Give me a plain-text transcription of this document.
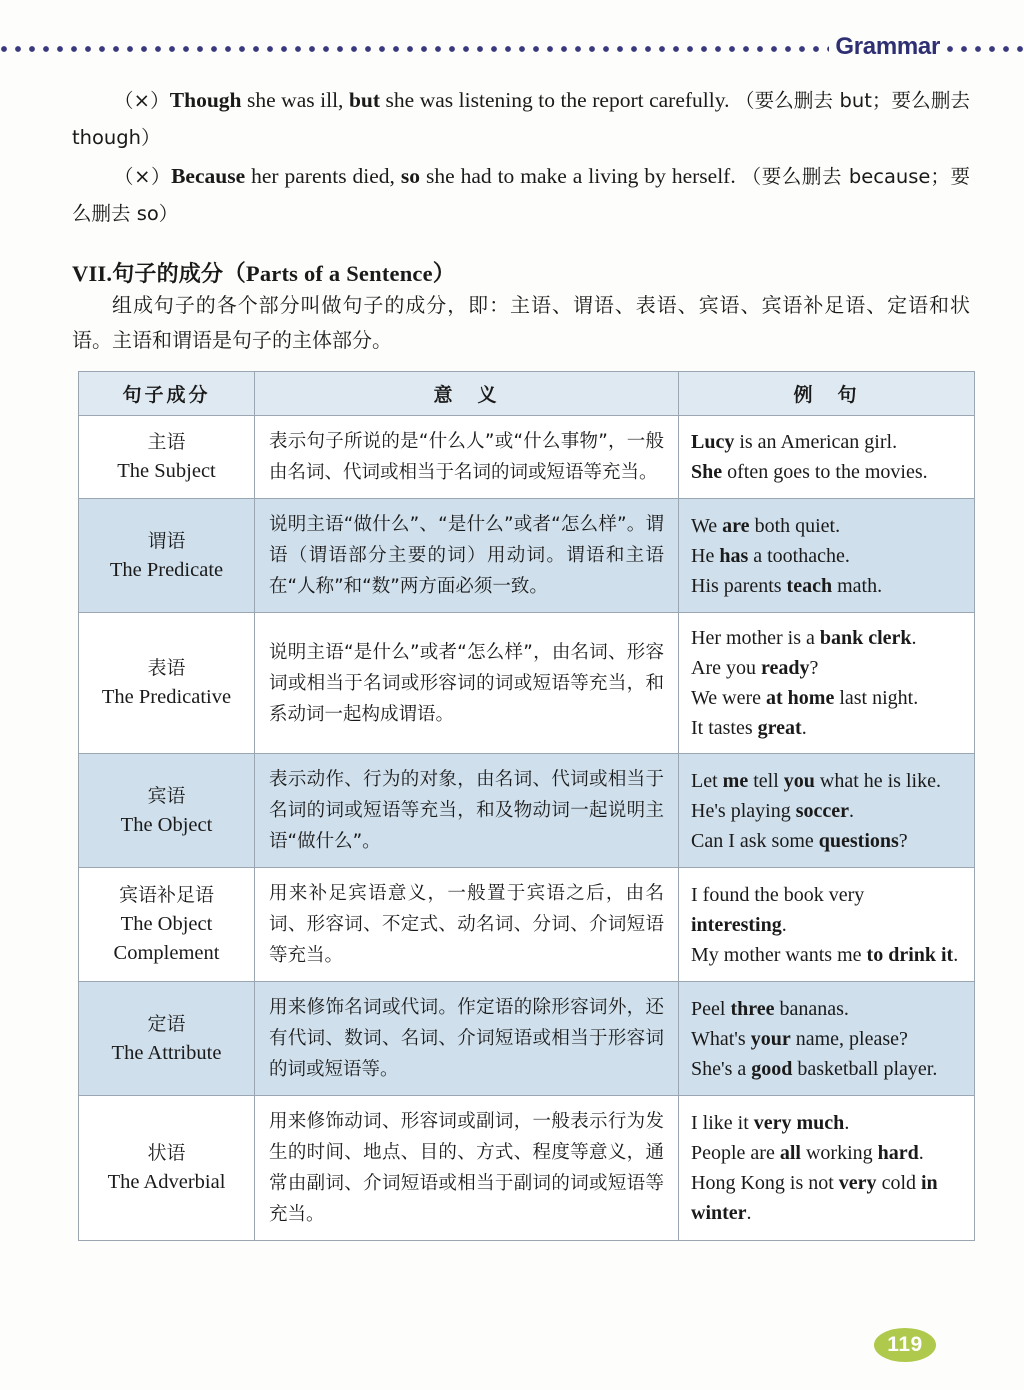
Grammar

（×）Though she was ill, but she was listening to the report carefully. （要么删去 but；要么删去 though）

（×）Because her parents died, so she had to make a living by herself. （要么删去 because；要么删去 so）

VII.句子的成分（Parts of a Sentence）

组成句子的各个部分叫做句子的成分，即：主语、谓语、表语、宾语、宾语补足语、定语和状语。主语和谓语是句子的主体部分。

句子成分	意　义	例　句

主语
The Subject	表示句子所说的是“什么人”或“什么事物”，一般由名词、代词或相当于名词的词或短语等充当。	Lucy is an American girl.
She often goes to the movies.

谓语
The Predicate	说明主语“做什么”、“是什么”或者“怎么样”。谓语（谓语部分主要的词）用动词。谓语和主语在“人称”和“数”两方面必须一致。	We are both quiet.
He has a toothache.
His parents teach math.

表语
The Predicative	说明主语“是什么”或者“怎么样”，由名词、形容词或相当于名词或形容词的词或短语等充当，和系动词一起构成谓语。	Her mother is a bank clerk.
Are you ready?
We were at home last night.
It tastes great.

宾语
The Object	表示动作、行为的对象，由名词、代词或相当于名词的词或短语等充当，和及物动词一起说明主语“做什么”。	Let me tell you what he is like.
He's playing soccer.
Can I ask some questions?

宾语补足语
The Object Complement	用来补足宾语意义，一般置于宾语之后，由名词、形容词、不定式、动名词、分词、介词短语等充当。	I found the book very interesting.
My mother wants me to drink it.

定语
The Attribute	用来修饰名词或代词。作定语的除形容词外，还有代词、数词、名词、介词短语或相当于形容词的词或短语等。	Peel three bananas.
What's your name, please?
She's a good basketball player.

状语
The Adverbial	用来修饰动词、形容词或副词，一般表示行为发生的时间、地点、目的、方式、程度等意义，通常由副词、介词短语或相当于副词的词或短语等充当。	I like it very much.
People are all working hard.
Hong Kong is not very cold in winter.
119
